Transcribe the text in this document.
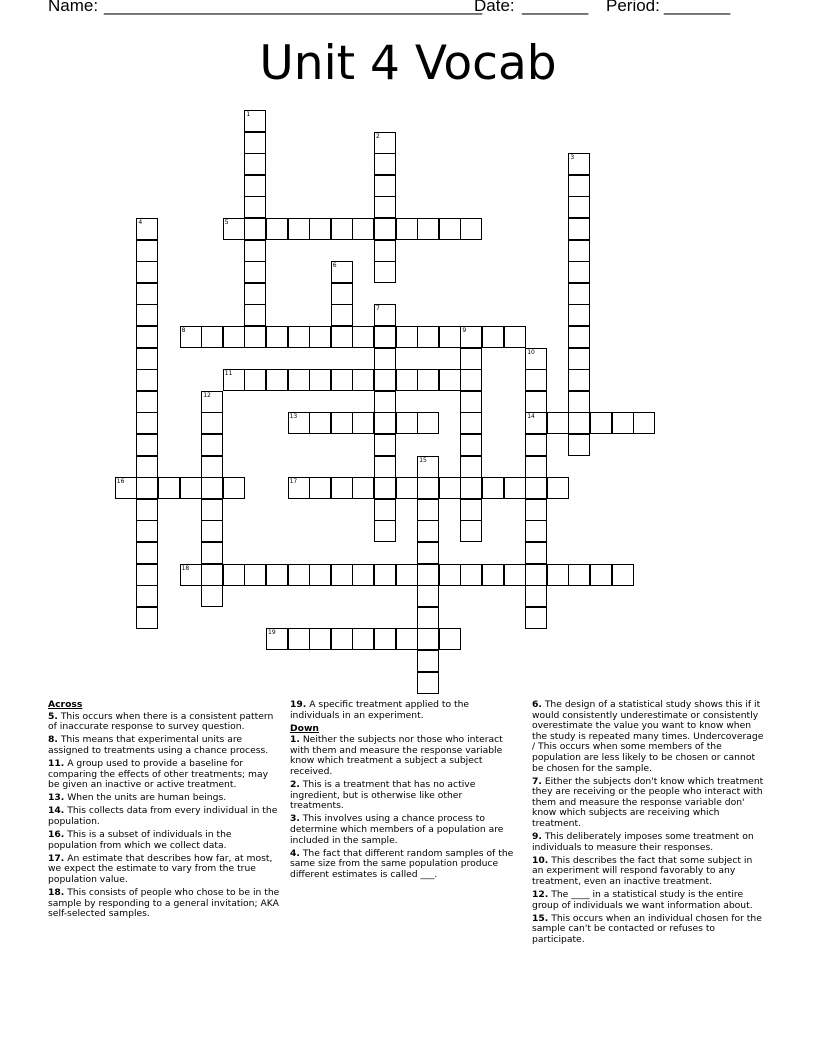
Name: ________________________________________
Date: _______ Period: _______
Unit 4 Vocab
1
2
3
4	5
6
7
8	9
10
11
12
13	14
15
16	17
18
19
Across
5. This occurs when there is a consistent pattern of inaccurate response to survey question.
8. This means that experimental units are assigned to treatments using a chance process.
11. A group used to provide a baseline for comparing the effects of other treatments; may be given an inactive or active treatment.
13. When the units are human beings.
14. This collects data from every individual in the population.
16. This is a subset of individuals in the population from which we collect data.
17. An estimate that describes how far, at most, we expect the estimate to vary from the true population value.
18. This consists of people who chose to be in the sample by responding to a general invitation; AKA self-selected samples.
19. A specific treatment applied to the individuals in an experiment.
Down
1. Neither the subjects nor those who interact with them and measure the response variable know which treatment a subject a subject received.
2. This is a treatment that has no active ingredient, but is otherwise like other treatments.
3. This involves using a chance process to determine which members of a population are included in the sample.
4. The fact that different random samples of the same size from the same population produce different estimates is called ___.
6. The design of a statistical study shows this if it would consistently underestimate or consistently overestimate the value you want to know when the study is repeated many times. Undercoverage / This occurs when some members of the population are less likely to be chosen or cannot be chosen for the sample.
7. Either the subjects don't know which treatment they are receiving or the people who interact with them and measure the response variable don' know which subjects are receiving which treatment.
9. This deliberately imposes some treatment on individuals to measure their responses.
10. This describes the fact that some subject in an experiment will respond favorably to any treatment, even an inactive treatment.
12. The ____ in a statistical study is the entire group of individuals we want information about.
15. This occurs when an individual chosen for the sample can't be contacted or refuses to participate.
